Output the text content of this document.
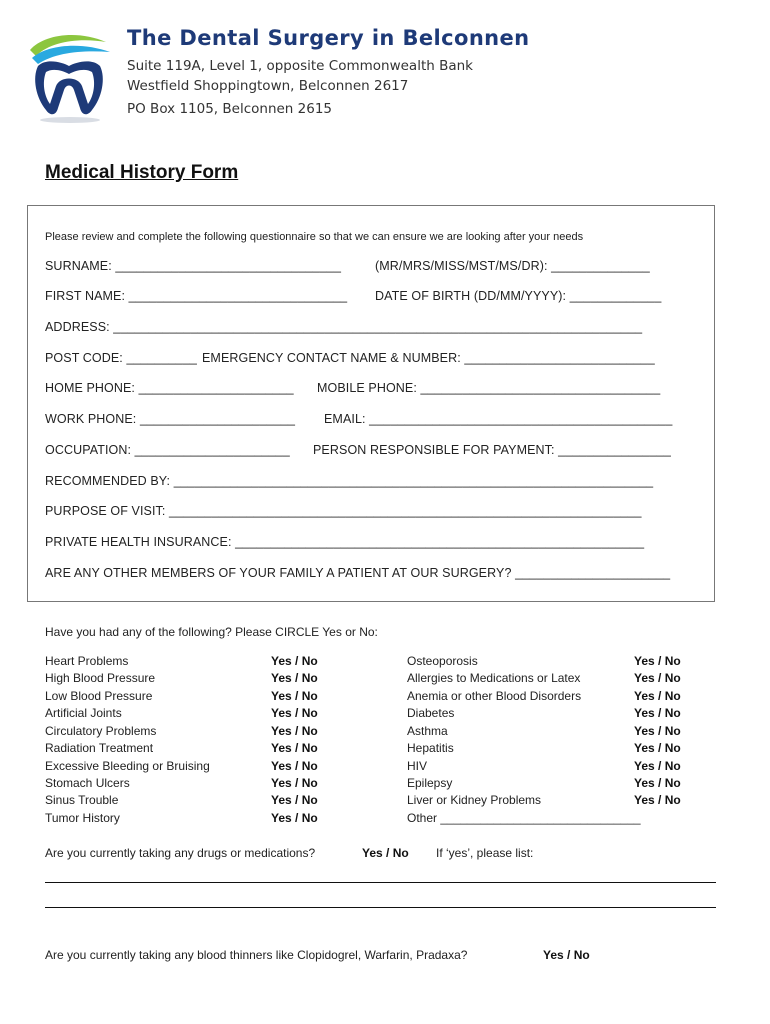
The Dental Surgery in Belconnen
Suite 119A, Level 1, opposite Commonwealth Bank
Westfield Shoppingtown, Belconnen 2617
PO Box 1105, Belconnen 2615
Medical History Form
Please review and complete the following questionnaire so that we can ensure we are looking after your needs
SURNAME: ________________________________	(MR/MRS/MISS/MST/MS/DR): ______________
FIRST NAME: _______________________________ DATE OF BIRTH (DD/MM/YYYY): _____________
ADDRESS: ___________________________________________________________________________
POST CODE: __________ EMERGENCY CONTACT NAME & NUMBER: ___________________________
HOME PHONE: ______________________ MOBILE PHONE: __________________________________
WORK PHONE: ______________________ EMAIL: ___________________________________________
OCCUPATION: ______________________ PERSON RESPONSIBLE FOR PAYMENT: ________________
RECOMMENDED BY: ____________________________________________________________________
PURPOSE OF VISIT: ___________________________________________________________________
PRIVATE HEALTH INSURANCE: __________________________________________________________
ARE ANY OTHER MEMBERS OF YOUR FAMILY A PATIENT AT OUR SURGERY? ______________________
Have you had any of the following? Please CIRCLE Yes or No:
Heart Problems	Yes / No
High Blood Pressure	Yes / No
Low Blood Pressure	Yes / No
Artificial Joints	Yes / No
Circulatory Problems	Yes / No
Radiation Treatment	Yes / No
Excessive Bleeding or Bruising	Yes / No
Stomach Ulcers	Yes / No
Sinus Trouble	Yes / No
Tumor History	Yes / No
Osteoporosis	Yes / No
Allergies to Medications or Latex	Yes / No
Anemia or other Blood Disorders	Yes / No
Diabetes	Yes / No
Asthma	Yes / No
Hepatitis	Yes / No
HIV	Yes / No
Epilepsy	Yes / No
Liver or Kidney Problems	Yes / No
Other ______________________________
Are you currently taking any drugs or medications?	Yes / No If ‘yes’, please list:
Are you currently taking any blood thinners like Clopidogrel, Warfarin, Pradaxa?	Yes / No
